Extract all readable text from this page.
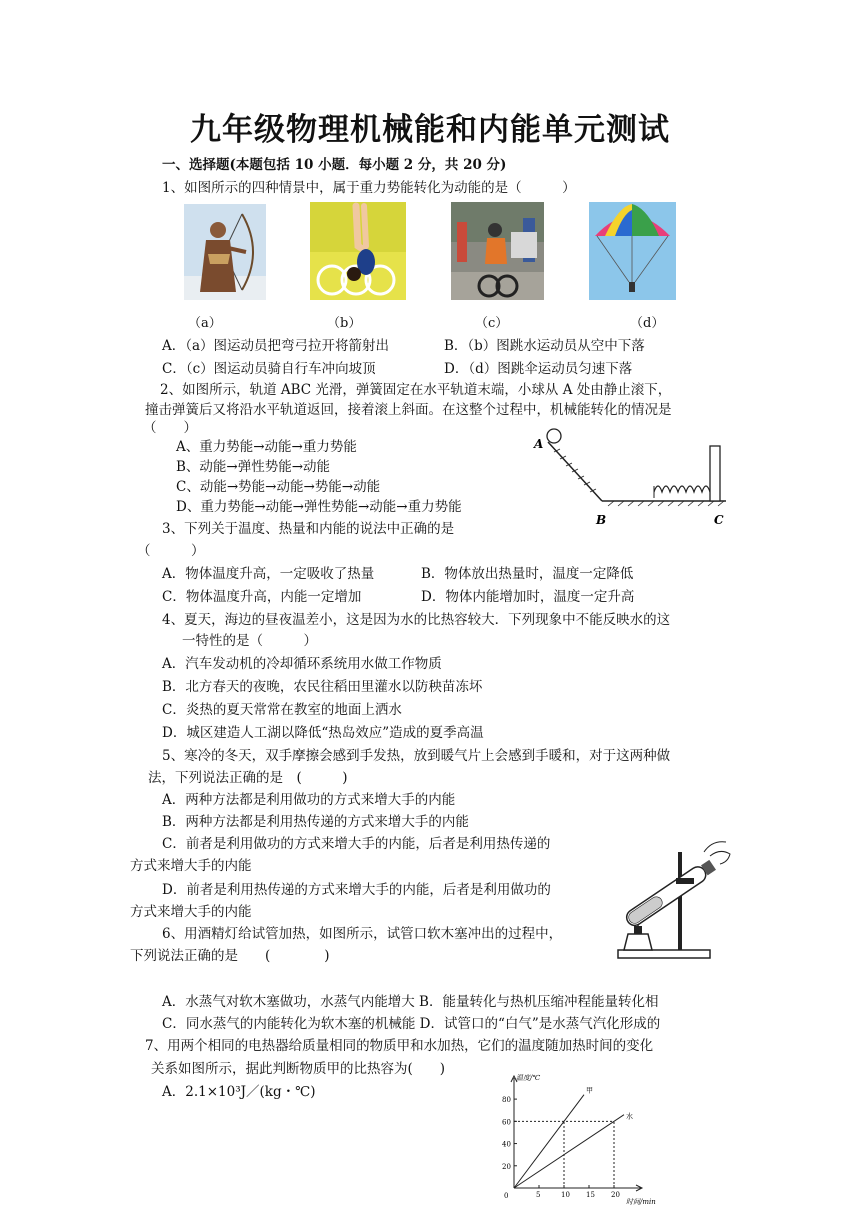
九年级物理机械能和内能单元测试
一、选择题(本题包括 10 小题．每小题 2 分，共 20 分)
1、如图所示的四种情景中，属于重力势能转化为动能的是（　　　）
（a）	（b）	（c）	（d）
A．（a）图运动员把弯弓拉开将箭射出	B．（b）图跳水运动员从空中下落
C．（c）图运动员骑自行车冲向坡顶	D．（d）图跳伞运动员匀速下落
2、如图所示，轨道 ABC 光滑，弹簧固定在水平轨道末端，小球从 A 处由静止滚下，
撞击弹簧后又将沿水平轨道返回，接着滚上斜面。在这整个过程中，机械能转化的情况是
（　　）
A、重力势能→动能→重力势能
B、动能→弹性势能→动能
C、动能→势能→动能→势能→动能
D、重力势能→动能→弹性势能→动能→重力势能
A
B	C
3、下列关于温度、热量和内能的说法中正确的是
（　　　）
A．物体温度升高，一定吸收了热量	B．物体放出热量时，温度一定降低
C．物体温度升高，内能一定增加	D．物体内能增加时，温度一定升高
4、夏天，海边的昼夜温差小，这是因为水的比热容较大．下列现象中不能反映水的这
一特性的是（　　　）
A．汽车发动机的冷却循环系统用水做工作物质
B．北方春天的夜晚，农民往稻田里灌水以防秧苗冻坏
C．炎热的夏天常常在教室的地面上洒水
D．城区建造人工湖以降低“热岛效应”造成的夏季高温
5、寒冷的冬天，双手摩擦会感到手发热，放到暖气片上会感到手暖和，对于这两种做
法，下列说法正确的是　(　　　)
A．两种方法都是利用做功的方式来增大手的内能
B．两种方法都是利用热传递的方式来增大手的内能
C．前者是利用做功的方式来增大手的内能，后者是利用热传递的
方式来增大手的内能
D．前者是利用热传递的方式来增大手的内能，后者是利用做功的
方式来增大手的内能
6、用酒精灯给试管加热，如图所示，试管口软木塞冲出的过程中，
下列说法正确的是　　(　　　　)
A．水蒸气对软木塞做功，水蒸气内能增大 B．能量转化与热机压缩冲程能量转化相
C．同水蒸气的内能转化为软木塞的机械能 D．试管口的“白气”是水蒸气汽化形成的
7、用两个相同的电热器给质量相同的物质甲和水加热，它们的温度随加热时间的变化
关系如图所示，据此判断物质甲的比热容为(　　)
A．2.1×10³J／(kg・℃)
温度/℃
时间/min
0
20
40
60
80
5	10 15 20
甲
水
